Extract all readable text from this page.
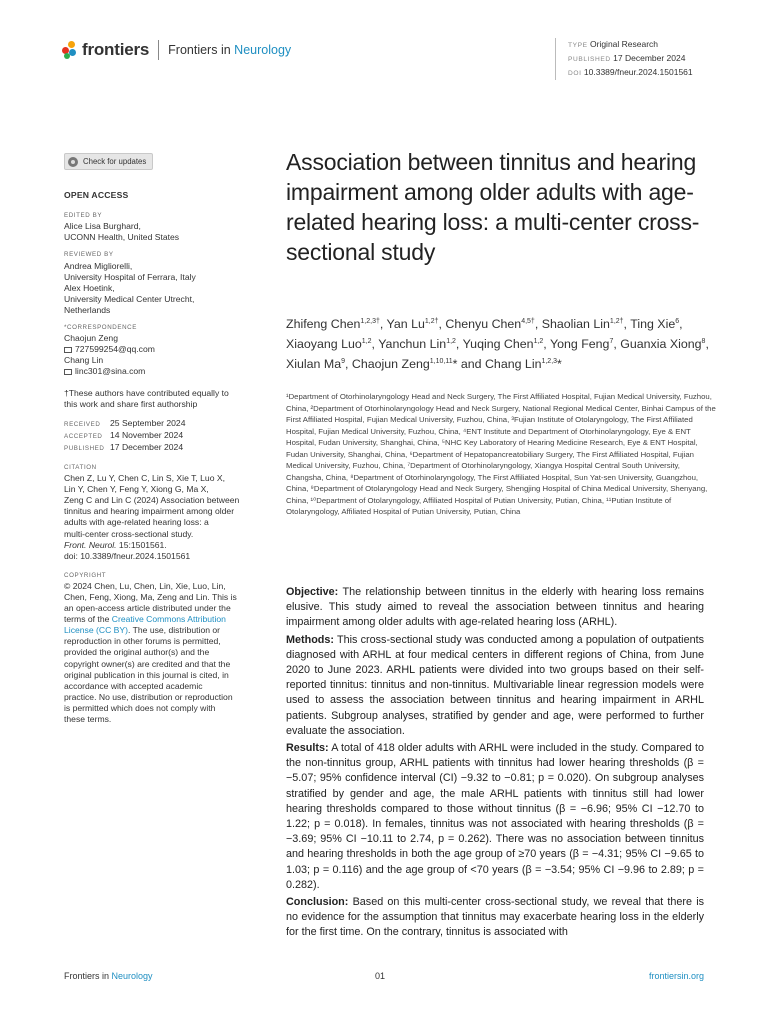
frontiers Frontiers in Neurology	TYPE Original Research
PUBLISHED 17 December 2024
DOI 10.3389/fneur.2024.1501561
Check for updates
OPEN ACCESS
EDITED BY
Alice Lisa Burghard,
UCONN Health, United States
REVIEWED BY
Andrea Migliorelli,
University Hospital of Ferrara, Italy
Alex Hoetink,
University Medical Center Utrecht,
Netherlands
*CORRESPONDENCE
Chaojun Zeng
727599254@qq.com
Chang Lin
linc301@sina.com
†These authors have contributed equally to
this work and share first authorship
RECEIVED 25 September 2024
ACCEPTED 14 November 2024
PUBLISHED 17 December 2024
CITATION
Chen Z, Lu Y, Chen C, Lin S, Xie T, Luo X,
Lin Y, Chen Y, Feng Y, Xiong G, Ma X,
Zeng C and Lin C (2024) Association between
tinnitus and hearing impairment among older
adults with age-related hearing loss: a
multi-center cross-sectional study.
Front. Neurol. 15:1501561.
doi: 10.3389/fneur.2024.1501561
COPYRIGHT
© 2024 Chen, Lu, Chen, Lin, Xie, Luo, Lin,
Chen, Feng, Xiong, Ma, Zeng and Lin. This is
an open-access article distributed under the
terms of the Creative Commons Attribution
License (CC BY). The use, distribution or
reproduction in other forums is permitted,
provided the original author(s) and the
copyright owner(s) are credited and that the
original publication in this journal is cited, in
accordance with accepted academic
practice. No use, distribution or reproduction
is permitted which does not comply with
these terms.
Association between tinnitus and hearing impairment among older adults with age-related hearing loss: a multi-center cross-sectional study
Zhifeng Chen$^{1,2,3\dagger}$, Yan $Lu^{1,2\dagger}$, Chenyu Chen$^{4,5\dagger}$, Shaolian Lin$^{1,2\dagger}$, Ting Xie$^6$, Xiaoyang Luo$^{1,2}$, Yanchun Lin$^{1,2}$, Yuqing Chen$^{1,2}$, Yong Feng$^7$, Guanxia Xiong$^8$, Xiulan Ma$^9$, Chaojun Zeng$^{1,10,11}$* and Chang Lin$^{1,2,3}$*
¹Department of Otorhinolaryngology Head and Neck Surgery, The First Affiliated Hospital, Fujian Medical University, Fuzhou, China, ²Department of Otorhinolaryngology Head and Neck Surgery, National Regional Medical Center, Binhai Campus of the First Affiliated Hospital, Fujian Medical University, Fuzhou, China, ³Fujian Institute of Otolaryngology, The First Affiliated Hospital, Fujian Medical University, Fuzhou, China, ⁴ENT Institute and Department of Otorhinolaryngology, Eye & ENT Hospital, Fudan University, Shanghai, China, ⁵NHC Key Laboratory of Hearing Medicine Research, Eye & ENT Hospital, Fudan University, Shanghai, China, ⁶Department of Hepatopancreatobiliary Surgery, The First Affiliated Hospital, Fujian Medical University, Fuzhou, China, ⁷Department of Otorhinolaryngology, Xiangya Hospital Central South University, Changsha, China, ⁸Department of Otorhinolaryngology, The First Affiliated Hospital, Sun Yat-sen University, Guangzhou, China, ⁹Department of Otolaryngology Head and Neck Surgery, Shengjing Hospital of China Medical University, Shenyang, China, ¹⁰Department of Otolaryngology, Affiliated Hospital of Putian University, Putian, China, ¹¹Putian Institute of Otolaryngology, Affiliated Hospital of Putian University, Putian, China

Objective: The relationship between tinnitus in the elderly with hearing loss remains elusive. This study aimed to reveal the association between tinnitus and hearing impairment among older adults with age-related hearing loss (ARHL).

Methods: This cross-sectional study was conducted among a population of outpatients diagnosed with ARHL at four medical centers in different regions of China, from June 2020 to June 2023. ARHL patients were divided into two groups based on their self-reported tinnitus: tinnitus and non-tinnitus. Multivariable linear regression models were used to assess the association between tinnitus and hearing impairment in ARHL patients. Subgroup analyses, stratified by gender and age, were performed to further evaluate the association.

Results: A total of 418 older adults with ARHL were included in the study. Compared to the non-tinnitus group, ARHL patients with tinnitus had lower hearing thresholds (β = −5.07; 95% confidence interval (CI) −9.32 to −0.81; p = 0.020). On subgroup analyses stratified by gender and age, the male ARHL patients with tinnitus still had lower hearing thresholds compared to those without tinnitus (β = −6.96; 95% CI −12.70 to 1.22; p = 0.018). In females, tinnitus was not associated with hearing thresholds (β = −3.69; 95% CI −10.11 to 2.74, p = 0.262). There was no association between tinnitus and hearing thresholds in both the age group of ≥70 years (β = −4.31; 95% CI −9.65 to 1.03; p = 0.116) and the age group of <70 years (β = −3.54; 95% CI −9.96 to 2.89; p = 0.282).

Conclusion: Based on this multi-center cross-sectional study, we reveal that there is no evidence for the assumption that tinnitus may exacerbate hearing loss in the elderly for the first time. On the contrary, tinnitus is associated with

Frontiers in Neurology	01	frontiersin.org
